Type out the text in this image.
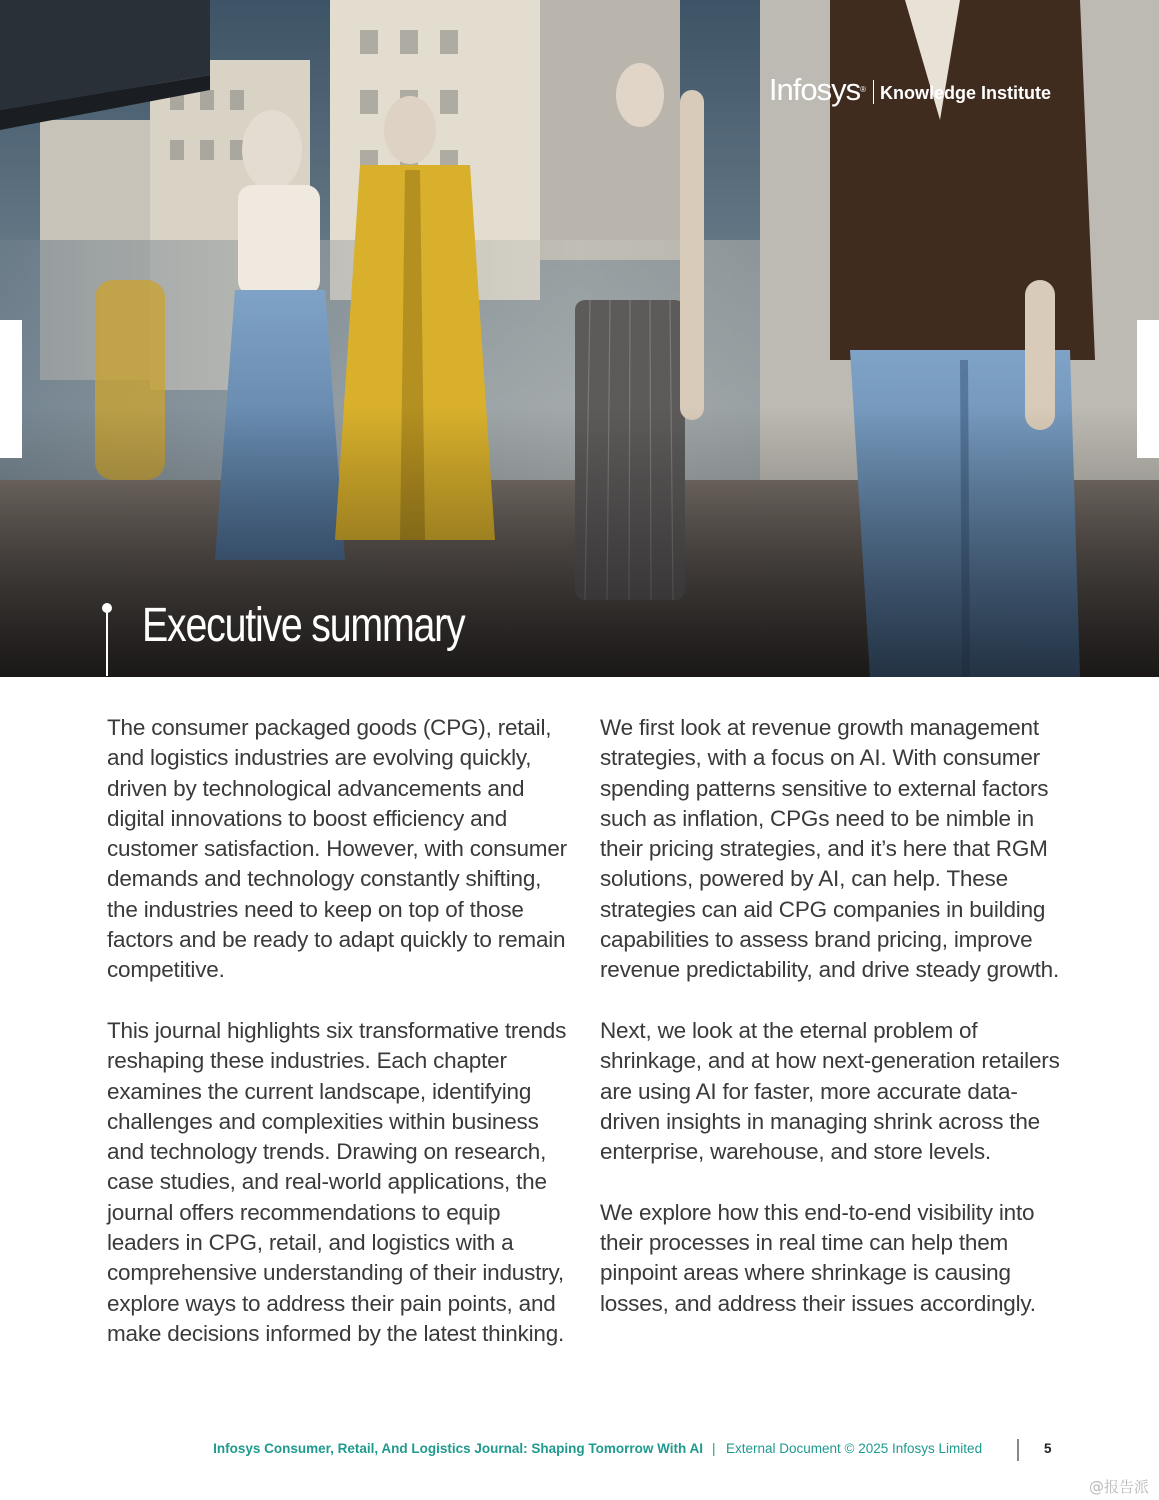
Infosys® Knowledge Institute
Executive summary

The consumer packaged goods (CPG), retail, and logistics industries are evolving quickly, driven by technological advancements and digital innovations to boost efficiency and customer satisfaction. However, with consumer demands and technology constantly shifting, the industries need to keep on top of those factors and be ready to adapt quickly to remain competitive.

This journal highlights six transformative trends reshaping these industries. Each chapter examines the current landscape, identifying challenges and complexities within business and technology trends. Drawing on research, case studies, and real-world applications, the journal offers recommendations to equip leaders in CPG, retail, and logistics with a comprehensive understanding of their industry, explore ways to address their pain points, and make decisions informed by the latest thinking.

We first look at revenue growth management strategies, with a focus on AI. With consumer spending patterns sensitive to external factors such as inflation, CPGs need to be nimble in their pricing strategies, and it’s here that RGM solutions, powered by AI, can help. These strategies can aid CPG companies in building capabilities to assess brand pricing, improve revenue predictability, and drive steady growth.

Next, we look at the eternal problem of shrinkage, and at how next-generation retailers are using AI for faster, more accurate data-driven insights in managing shrink across the enterprise, warehouse, and store levels.

We explore how this end-to-end visibility into their processes in real time can help them pinpoint areas where shrinkage is causing losses, and address their issues accordingly.

Infosys Consumer, Retail, And Logistics Journal: Shaping Tomorrow With AI | External Document © 2025 Infosys Limited	5
@报告派
